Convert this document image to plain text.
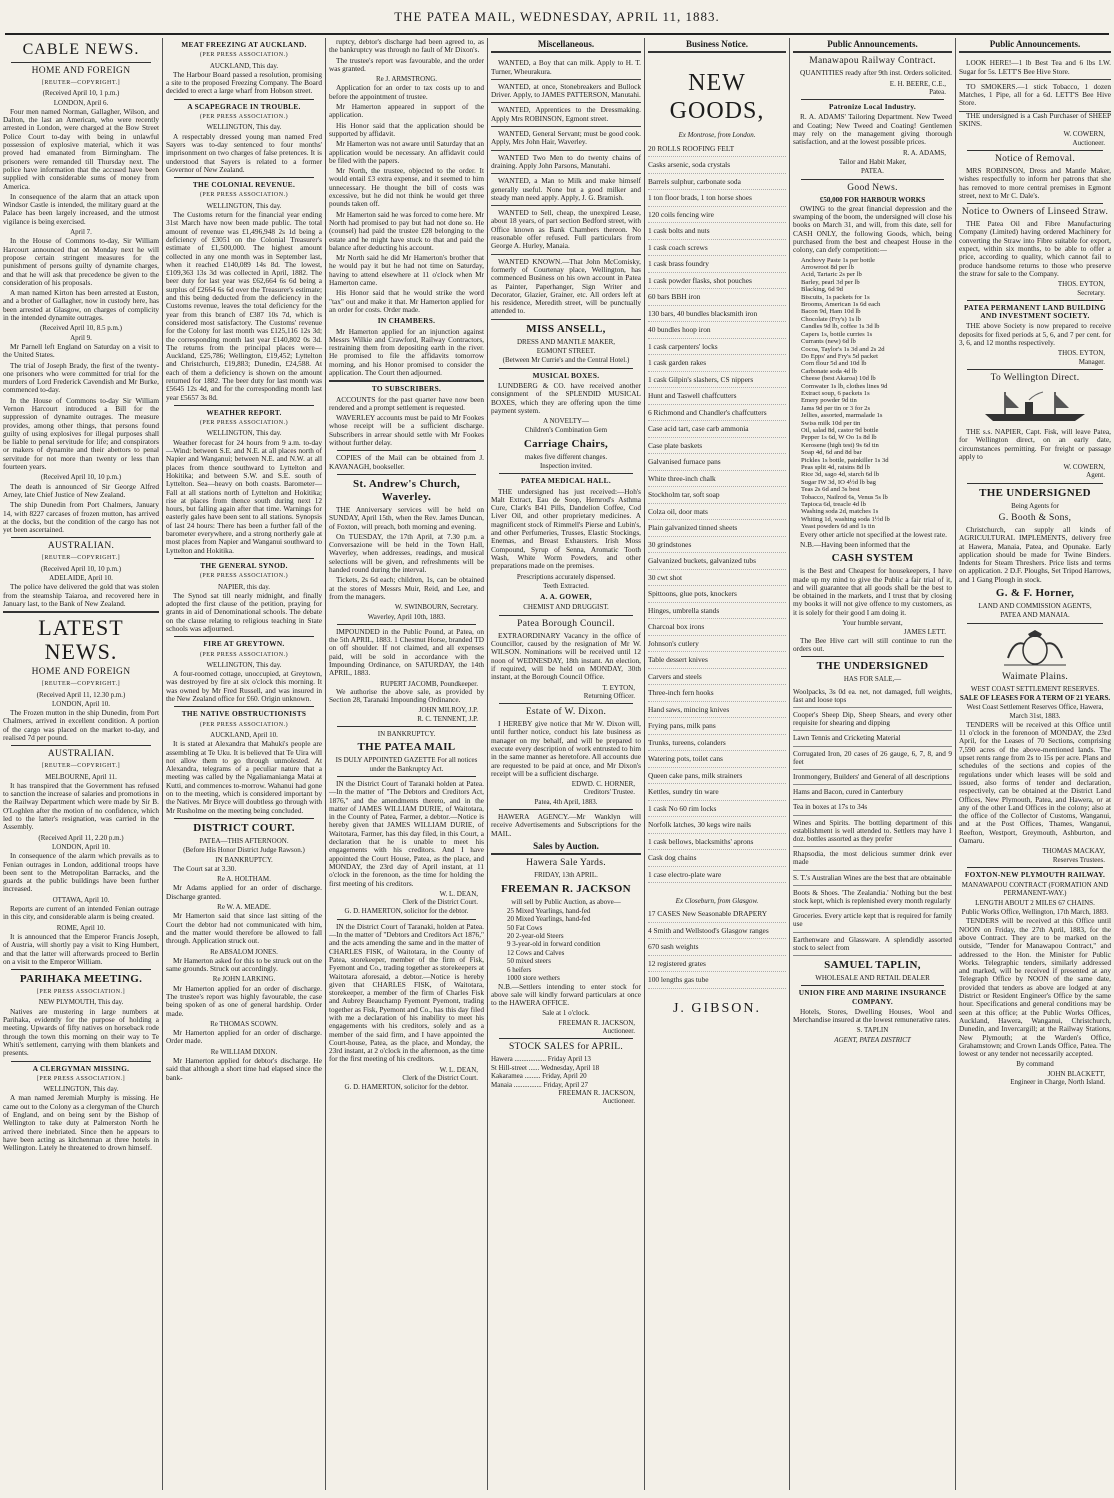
THE PATEA MAIL, WEDNESDAY, APRIL 11, 1883.
CABLE NEWS.
HOME AND FOREIGN
[REUTER—COPYRIGHT.]
(Received April 10, 1 p.m.)
LONDON, April 6.

Four men named Norman, Gallagher, Wilson, and Dalton, the last an American, who were recently arrested in London, were charged at the Bow Street Police Court to-day with being in unlawful possession of explosive material, which it was proved had emanated from Birmingham. The prisoners were remanded till Thursday next. The police have information that the accused have been supplied with considerable sums of money from America.

In consequence of the alarm that an attack upon Windsor Castle is intended, the military guard at the Palace has been largely increased, and the utmost vigilance is being exercised.

April 7.

In the House of Commons to-day, Sir William Harcourt announced that on Monday next he will propose certain stringent measures for the punishment of persons guilty of dynamite charges, and that he will ask that precedence be given to the consideration of his proposals.

A man named Kirton has been arrested at Euston, and a brother of Gallagher, now in custody here, has been arrested at Glasgow, on charges of complicity in the intended dynamite outrages.

(Received April 10, 8.5 p.m.)
April 9.

Mr Parnell left England on Saturday on a visit to the United States.

The trial of Joseph Brady, the first of the twenty-one prisoners who were committed for trial for the murders of Lord Frederick Cavendish and Mr Burke, commenced to-day.

In the House of Commons to-day Sir William Vernon Harcourt introduced a Bill for the suppression of dynamite outrages. The measure provides, among other things, that persons found guilty of using explosives for illegal purposes shall be liable to penal servitude for life; and conspirators or makers of dynamite and their abettors to penal servitude for not more than twenty or less than fourteen years.

(Received April 10, 10 p.m.)

The death is announced of Sir George Alfred Arney, late Chief Justice of New Zealand.

The ship Dunedin from Port Chalmers, January 14, with 8227 carcases of frozen mutton, has arrived at the docks, but the condition of the cargo has not yet been ascertained.

AUSTRALIAN.
[REUTER—COPYRIGHT.]
(Received April 10, 10 p.m.)
ADELAIDE, April 10.

The police have delivered the gold that was stolen from the steamship Taiaroa, and recovered here in January last, to the Bank of New Zealand.

LATEST NEWS.
HOME AND FOREIGN
[REUTER—COPYRIGHT.]
(Received April 11, 12.30 p.m.)
LONDON, April 10.

The Frozen mutton in the ship Dunedin, from Port Chalmers, arrived in excellent condition. A portion of the cargo was placed on the market to-day, and realised 7d per pound.

AUSTRALIAN.
[REUTER—COPYRIGHT.]
MELBOURNE, April 11.

It has transpired that the Government has refused to sanction the increase of salaries and promotions in the Railway Department which were made by Sir B. O'Loghlen after the motion of no confidence, which led to the latter's resignation, was carried in the Assembly.

(Received April 11, 2.20 p.m.)
LONDON, April 10.

In consequence of the alarm which prevails as to Fenian outrages in London, additional troops have been sent to the Metropolitan Barracks, and the guards at the public buildings have been further increased.

OTTAWA, April 10.

Reports are current of an intended Fenian outrage in this city, and considerable alarm is being created.

ROME, April 10.

It is announced that the Emperor Francis Joseph, of Austria, will shortly pay a visit to King Humbert, and that the latter will afterwards proceed to Berlin on a visit to the Emperor William.

PARIHAKA MEETING.
[PER PRESS ASSOCIATION.]
NEW PLYMOUTH, This day.

Natives are mustering in large numbers at Parihaka, evidently for the purpose of holding a meeting. Upwards of fifty natives on horseback rode through the town this morning on their way to Te Whiti's settlement, carrying with them blankets and presents.

A CLERGYMAN MISSING.
[PER PRESS ASSOCIATION.]
WELLINGTON, This day.

A man named Jeremiah Murphy is missing. He came out to the Colony as a clergyman of the Church of England, and on being sent by the Bishop of Wellington to take duty at Palmerston North he arrived there inebriated. Since then he appears to have been acting as kitchenman at three hotels in Wellington. Lately he threatened to drown himself.

MEAT FREEZING AT AUCKLAND.
(PER PRESS ASSOCIATION.)
AUCKLAND, This day.

The Harbour Board passed a resolution, promising a site to the proposed Freezing Company. The Board decided to erect a large wharf from Hobson street.

A SCAPEGRACE IN TROUBLE.
(PER PRESS ASSOCIATION.)
WELLINGTON, This day.

A respectably dressed young man named Fred Sayers was to-day sentenced to four months' imprisonment on two charges of false pretences. It is understood that Sayers is related to a former Governor of New Zealand.

THE COLONIAL REVENUE.
(PER PRESS ASSOCIATION.)
WELLINGTON, This day.

The Customs return for the financial year ending 31st March have now been made public. The total amount of revenue was £1,496,948 2s 1d being a deficiency of £3051 on the Colonial Treasurer's estimate of £1,500,000. The highest amount collected in any one month was in September last, when it reached £140,089 14s 8d. The lowest, £109,363 13s 3d was collected in April, 1882. The beer duty for last year was £62,664 6s 6d being a surplus of £2664 6s 6d over the Treasurer's estimate; and this being deducted from the deficiency in the Customs revenue, leaves the total deficiency for the year from this branch of £387 10s 7d, which is considered most satisfactory. The Customs' revenue for the Colony for last month was £125,116 12s 3d; the corresponding month last year £140,802 0s 3d. The returns from the principal places were—Auckland, £25,786; Wellington, £19,452; Lyttelton and Christchurch, £19,883; Dunedin, £24,588. At each of them a deficiency is shown on the amount returned for 1882. The beer duty for last month was £5645 12s 4d, and for the corresponding month last year £5657 3s 8d.

WEATHER REPORT.
(PER PRESS ASSOCIATION.)
WELLINGTON, This day.

Weather forecast for 24 hours from 9 a.m. to-day—Wind: between S.E. and N.E. at all places north of Napier and Wanganui; between N.E. and N.W. at all places from thence southward to Lyttelton and Hokitika; and between S.W. and S.E. south of Lyttelton. Sea—heavy on both coasts. Barometer—Fall at all stations north of Lyttelton and Hokitika; rise at places from thence south during next 12 hours, but falling again after that time. Warnings for easterly gales have been sent to all stations. Synopsis of last 24 hours: There has been a further fall of the barometer everywhere, and a strong northerly gale at most places from Napier and Wanganui southward to Lyttelton and Hokitika.

THE GENERAL SYNOD.
(PER PRESS ASSOCIATION.)
NAPIER, this day.

The Synod sat till nearly midnight, and finally adopted the first clause of the petition, praying for grants in aid of Denominational schools. The debate on the clause relating to religious teaching in State schools was adjourned.

FIRE AT GREYTOWN.
(PER PRESS ASSOCIATION.)
WELLINGTON, This day.

A four-roomed cottage, unoccupied, at Greytown, was destroyed by fire at six o'clock this morning. It was owned by Mr Fred Russell, and was insured in the New Zealand office for £60. Origin unknown.

THE NATIVE OBSTRUCTIONISTS
(PER PRESS ASSOCIATION.)
AUCKLAND, April 10.

It is stated at Alexandra that Mahuki's people are assembling at Te Uku. It is believed that Te Uira will not allow them to go through unmolested. At Alexandra, telegrams of a peculiar nature that a meeting was called by the Ngaliamanianga Matai at Kutti, and commences to-morrow. Wahanui had gone on to the meeting, which is considered important by the Natives. Mr Bryce will doubtless go through with Mr Rusholme on the meeting being concluded.

DISTRICT COURT.
PATEA—THIS AFTERNOON.
(Before His Honor District Judge Rawson.)
IN BANKRUPTCY.

The Court sat at 3.30.

Re A. HOLTHAM.

Mr Adams applied for an order of discharge. Discharge granted.

Re W. A. MEADE.

Mr Hamerton said that since last sitting of the Court the debtor had not communicated with him, and the matter would therefore be allowed to fall through. Application struck out.

Re ABSALOM JONES.

Mr Hamerton asked for this to be struck out on the same grounds. Struck out accordingly.

Re JOHN LARKING.

Mr Hamerton applied for an order of discharge. The trustee's report was highly favourable, the case being spoken of as one of general hardship. Order made.

Re THOMAS SCOWN.

Mr Hamerton applied for an order of discharge. Order made.

Re WILLIAM DIXON.

Mr Hamerton applied for debtor's discharge. He said that although a short time had elapsed since the bank-

ruptcy, debtor's discharge had been agreed to, as the bankruptcy was through no fault of Mr Dixon's.

The trustee's report was favourable, and the order was granted.

Re J. ARMSTRONG.

Application for an order to tax costs up to and before the appointment of trustee.

Mr Hamerton appeared in support of the application.

His Honor said that the application should be supported by affidavit.

Mr Hamerton was not aware until Saturday that an application would be necessary. An affidavit could be filed with the papers.

Mr North, the trustee, objected to the order. It would entail £3 extra expense, and it seemed to him unnecessary. He thought the bill of costs was excessive, but he did not think he would get three pounds taken off.

Mr Hamerton said he was forced to come here. Mr North had promised to pay but had not done so. He (counsel) had paid the trustee £28 belonging to the estate and he might have stuck to that and paid the balance after deducting his account.

Mr North said he did Mr Hamerton's brother that he would pay it but he had not time on Saturday, having to attend elsewhere at 11 o'clock when Mr Hamerton came.

His Honor said that he would strike the word "tax" out and make it that. Mr Hamerton applied for an order for costs. Order made.

IN CHAMBERS.

Mr Hamerton applied for an injunction against Messrs Wilkie and Crawford, Railway Contractors, restraining them from depositing earth in the river. He promised to file the affidavits tomorrow morning, and his Honor promised to consider the application. The Court then adjourned.

TO SUBSCRIBERS.

ACCOUNTS for the past quarter have now been rendered and a prompt settlement is requested.

WAVERLEY accounts must be paid to Mr Fookes whose receipt will be a sufficient discharge. Subscribers in arrear should settle with Mr Fookes without further delay.

COPIES of the Mail can be obtained from J. KAVANAGH, bookseller.

St. Andrew's Church, Waverley.

THE Anniversary services will be held on SUNDAY, April 15th, when the Rev. James Duncan, of Foxton, will preach, both morning and evening.

On TUESDAY, the 17th April, at 7.30 p.m. a Conversazione will be held in the Town Hall, Waverley, when addresses, readings, and musical selections will be given, and refreshments will be handed round during the interval.

Tickets, 2s 6d each; children, 1s, can be obtained at the stores of Messrs Muir, Reid, and Lee, and from the managers.

W. SWINBOURN, Secretary.
Waverley, April 10th, 1883.

IMPOUNDED in the Public Pound, at Patea, on the 5th APRIL, 1883. 1 Chestnut Horse, branded TD on off shoulder. If not claimed, and all expenses paid, will be sold in accordance with the Impounding Ordinance, on SATURDAY, the 14th APRIL, 1883.

RUPERT JACOMB, Poundkeeper.

We authorise the above sale, as provided by Section 28, Taranaki Impounding Ordinance.

JOHN MILROY, J.P.
R. C. TENNENT, J.P.
IN BANKRUPTCY.
THE PATEA MAIL
IS DULY APPOINTED GAZETTE For all notices under the Bankruptcy Act.

IN the District Court of Taranaki holden at Patea.—In the matter of "The Debtors and Creditors Act, 1876," and the amendments thereto, and in the matter of JAMES WILLIAM DURIE, of Waitotara, in the County of Patea, Farmer, a debtor.—Notice is hereby given that JAMES WILLIAM DURIE, of Waitotara, Farmer, has this day filed, in this Court, a declaration that he is unable to meet his engagements with his creditors. And I have appointed the Court House, Patea, as the place, and MONDAY, the 23rd day of April instant, at 11 o'clock in the forenoon, as the time for holding the first meeting of his creditors.

W. L. DEAN,
Clerk of the District Court.
G. D. HAMERTON, solicitor for the debtor.

IN the District Court of Taranaki, holden at Patea.—In the matter of "Debtors and Creditors Act 1876," and the acts amending the same and in the matter of CHARLES FISK, of Waitotara, in the County of Patea, storekeeper, member of the firm of Fisk, Fyemont and Co., trading together as storekeepers at Waitotara aforesaid, a debtor.—Notice is hereby given that CHARLES FISK, of Waitotara, storekeeper, a member of the firm of Charles Fisk and Aubrey Beauchamp Fyemont Pyemont, trading together as Fisk, Pyemont and Co., has this day filed with me a declaration of his inability to meet his engagements with his creditors, solely and as a member of the said firm, and I have appointed the Court-house, Patea, as the place, and Monday, the 23rd instant, at 2 o'clock in the afternoon, as the time for the first meeting of his creditors.

W. L. DEAN,
Clerk of the District Court.
G. D. HAMERTON, solicitor for the debtor.
Miscellaneous.

WANTED, a Boy that can milk. Apply to H. T. Turner, Wheurakura.

WANTED, at once, Stonebreakers and Bullock Driver. Apply, to JAMES PATTERSON, Manutahi.

WANTED, Apprentices to the Dressmaking. Apply Mrs ROBINSON, Egmont street.

WANTED, General Servant; must be good cook. Apply, Mrs John Hair, Waverley.

WANTED Two Men to do twenty chains of draining. Apply John Parsons, Manutahi.

WANTED, a Man to Milk and make himself generally useful. None but a good milker and steady man need apply. Apply, J. G. Bramish.

WANTED to Sell, cheap, the unexpired Lease, about 18 years, of part section Bedford street, with Office known as Bank Chambers thereon. No reasonable offer refused. Full particulars from George A. Hurley, Manaia.

WANTED KNOWN.—That John McComisky, formerly of Courtenay place, Wellington, has commenced Business on his own account in Patea as Painter, Paperhanger, Sign Writer and Decorator, Glazier, Grainer, etc. All orders left at his residence, Meredith street, will be punctually attended to.

MISS ANSELL,
DRESS AND MANTLE MAKER,
EGMONT STREET.
(Between Mr Currie's and the Central Hotel.)
MUSICAL BOXES.

LUNDBERG & CO. have received another consignment of the SPLENDID MUSICAL BOXES, which they are offering upon the time payment system.

A NOVELTY—
Children's Combination Gem
Carriage Chairs,
makes five different changes.
Inspection invited.
PATEA MEDICAL HALL.

THE undersigned has just received:—Hoh's Malt Extract, Eau de Soop, Hemrod's Asthma Cure, Clark's B41 Pills, Dandelion Coffee, Cod Liver Oil, and other proprietary medicines. A magnificent stock of Rimmell's Pierse and Lubin's, and other Perfumeries, Trusses, Elastic Stockings, Enemas, and Breast Exhausters. Irish Moss Compound, Syrup of Senna, Aromatic Tooth Wash, White Worm Powders, and other preparations made on the premises.

Prescriptions accurately dispensed.
Teeth Extracted.
A. A. GOWER,
CHEMIST AND DRUGGIST.
Patea Borough Council.

EXTRAORDINARY Vacancy in the office of Councillor, caused by the resignation of Mr W. WILSON. Nominations will be received until 12 noon of WEDNESDAY, 18th instant. An election, if required, will be held on MONDAY, 30th instant, at the Borough Council Office.

T. EYTON,
Returning Officer.
Estate of W. Dixon.

I HEREBY give notice that Mr W. Dixon will, until further notice, conduct his late business as manager on my behalf, and will be prepared to execute every description of work entrusted to him in the same manner as heretofore. All accounts due are requested to be paid at once, and Mr Dixon's receipt will be a sufficient discharge.

EDWD. C. HORNER,
Creditors' Trustee.
Patea, 4th April, 1883.

HAWERA AGENCY.—Mr Wanklyn will receive Advertisements and Subscriptions for the MAIL.

Sales by Auction.
Hawera Sale Yards.
FRIDAY, 13th APRIL.
FREEMAN R. JACKSON
will sell by Public Auction, as above—
25 Mixed Yearlings, hand-fed
20 Mixed Yearlings, hand-fed
50 Fat Cows
20 2-year-old Steers
9 3-year-old in forward condition
12 Cows and Calves
50 mixed steers
6 heifers
1000 store wethers

N.B.—Settlers intending to enter stock for above sale will kindly forward particulars at once to the HAWERA OFFICE.

Sale at 1 o'clock.
FREEMAN R. JACKSON,
Auctioneer.
STOCK SALES for APRIL.
Hawera .................. Friday April 13
St Hill-street ...... Wednesday, April 18
Kakaramea ......... Friday, April 20
Manaia ................ Friday, April 27
FREEMAN R. JACKSON,
Auctioneer.
Business Notice.
NEW GOODS,
Ex Montrose, from London.
20 ROLLS ROOFING FELT
Casks arsenic, soda crystals
Barrels sulphur, carbonate soda
1 ton floor brads, 1 ton horse shoes
120 coils fencing wire
1 cask bolts and nuts
1 cask coach screws
1 cask brass foundry
1 cask powder flasks, shot pouches
60 bars BBH iron
130 bars, 40 bundles blacksmith iron
40 bundles hoop iron
1 cask carpenters' locks
1 cask garden rakes
1 cask Gilpin's slashers, CS nippers
Hunt and Taswell chaffcutters
6 Richmond and Chandler's chaffcutters
Case acid tart, case carb ammonia
Case plate baskets
Galvanised furnace pans
White three-inch chalk
Stockholm tar, soft soap
Colza oil, door mats
Plain galvanized tinned sheets
30 grindstones
Galvanized buckets, galvanized tubs
30 cwt shot
Spittoons, glue pots, knockers
Hinges, umbrella stands
Charcoal box irons
Johnson's cutlery
Table dessert knives
Carvers and steels
Three-inch fern hooks
Hand saws, mincing knives
Frying pans, milk pans
Trunks, tureens, colanders
Watering pots, toilet cans
Queen cake pans, milk strainers
Kettles, sundry tin ware
1 cask No 60 rim locks
Norfolk latches, 30 kegs wire nails
1 cask bellows, blacksmiths' aprons
Cask dog chains
1 case electro-plate ware
Ex Closeburn, from Glasgow.
17 CASES New Seasonable DRAPERY
4 Smith and Wellstood's Glasgow ranges
670 sash weights
12 registered grates
100 lengths gas tube
J. GIBSON.
Public Announcements.
Manawapou Railway Contract.

QUANTITIES ready after 9th inst. Orders solicited.

E. H. BEERE, C.E.,
Patea.
Patronize Local Industry.

R. A. ADAMS' Tailoring Department. New Tweed and Coating; New Tweed and Coating! Gentlemen may rely on the management giving thorough satisfaction, and at the lowest possible prices.

R. A. ADAMS,
Tailor and Habit Maker,
PATEA.
Good News.
£50,000 FOR HARBOUR WORKS

OWING to the great financial depression and the swamping of the boom, the undersigned will close his books on March 31, and will, from this date, sell for CASH ONLY, the following Goods, which, being purchased from the best and cheapest House in the colony, can defy competition:—

Anchovy Paste 1s per bottle
Arrowroot 8d per lb
Acid, Tartaric 2s per lb
Barley, pearl 3d per lb
Blacking, 6d 9d
Biscuits, 1s packets for 1s
Brooms, American 1s 6d each
Bacon 9d, Ham 10d lb
Chocolate (Fry's) 1s lb
Candles 9d lb, coffee 1s 3d lb
Capers 1s, bottle curries 1s
Currants (new) 6d lb
Cocoa, Taylor's 1s 3d and 2s 2d
Do Epps' and Fry's 5d packet
Corn flour 5d and 10d lb
Carbonate soda 4d lb
Cheese (best Akaroa) 10d lb
Cornwater 1s lb, clothes lines 9d
Extract soup, 6 packets 1s
Emery powder 9d tin
Jams 9d per tin or 3 for 2s
Jellies, assorted, marmalade 1s
Swiss milk 10d per tin
Oil, salad 8d, castor 9d bottle
Pepper 1s 6d, W Oo 1s 8d lb
Kerosene (high test) 9s 6d tin
Soap 4d, 6d and 8d bar
Pickles 1s bottle, painkiller 1s 3d
Peas split 4d, raisins 8d lb
Rice 3d, sago 4d, starch 6d lb
Sugar IW 3d, IO 4½d lb bag
Teas 2s 6d and 3s best
Tobacco, Nailrod 6s, Venus 5s lb
Tapioca 6d, treacle 4d lb
Washing soda 2d, matches 1s
Whiting 1d, washing soda 1½d lb
Yeast powders 6d and 1s tin

Every other article not specified at the lowest rate.

N.B.—Having been informed that the

CASH SYSTEM

is the Best and Cheapest for housekeepers, I have made up my mind to give the Public a fair trial of it, and will guarantee that all goods shall be the best to be obtained in the markets, and I trust that by closing my books it will not give offence to my customers, as it is solely for their good I am doing it.

Your humble servant,
JAMES LETT.

The Bee Hive cart will still continue to run the orders out.

THE UNDERSIGNED
HAS FOR SALE,—
Woolpacks, 3s 0d ea. net, not damaged, full weights, fast and loose tops
Cooper's Sheep Dip, Sheep Shears, and every other requisite for shearing and dipping
Lawn Tennis and Cricketing Material
Corrugated Iron, 20 cases of 26 gauge, 6, 7, 8, and 9 feet
Ironmongery, Builders' and General of all descriptions
Hams and Bacon, cured in Canterbury
Tea in boxes at 17s to 34s
Wines and Spirits. The bottling department of this establishment is well attended to. Settlers may have 1 doz. bottles assorted as they prefer
Rhapsodia, the most delicious summer drink ever made
S. T.'s Australian Wines are the best that are obtainable
Boots & Shoes. 'The Zealandia.' Nothing but the best stock kept, which is replenished every month regularly
Groceries. Every article kept that is required for family use
Earthenware and Glassware. A splendidly assorted stock to select from
SAMUEL TAPLIN,
WHOLESALE AND RETAIL DEALER
UNION FIRE AND MARINE INSURANCE COMPANY.

Hotels, Stores, Dwelling Houses, Wool and Merchandise insured at the lowest remunerative rates.

S. TAPLIN
AGENT, PATEA DISTRICT
Public Announcements.

LOOK HERE!—1 lb Best Tea and 6 lbs I.W. Sugar for 5s. LETT'S Bee Hive Store.

TO SMOKERS.—1 stick Tobacco, 1 dozen Matches, 1 Pipe, all for a 6d. LETT'S Bee Hive Store.

THE undersigned is a Cash Purchaser of SHEEP SKINS.

W. COWERN,
Auctioneer.
Notice of Removal.

MRS ROBINSON, Dress and Mantle Maker, wishes respectfully to inform her patrons that she has removed to more central premises in Egmont street, next to Mr C. Dale's.

Notice to Owners of Linseed Straw.

THE Patea Oil and Fibre Manufacturing Company (Limited) having ordered Machinery for converting the Straw into Fibre suitable for export, expect, within six months, to be able to offer a price, according to quality, which cannot fail to produce handsome returns to those who preserve the straw for sale to the Company.

THOS. EYTON,
Secretary.
PATEA PERMANENT LAND BUILDING AND INVESTMENT SOCIETY.

THE above Society is now prepared to receive deposits for fixed periods at 5, 6, and 7 per cent. for 3, 6, and 12 months respectively.

THOS. EYTON,
Manager.
To Wellington Direct.

THE s.s. NAPIER, Capt. Fisk, will leave Patea, for Wellington direct, on an early date, circumstances permitting. For freight or passage apply to

W. COWERN,
Agent.
THE UNDERSIGNED
Being Agents for
G. Booth & Sons,

Christchurch, can supply all kinds of AGRICULTURAL IMPLEMENTS, delivery free at Hawera, Manaia, Patea, and Opunake. Early application should be made for Twine Binders. Indents for Steam Threshers. Price lists and terms on application. 2 D.F. Ploughs, Set Tripod Harrows, and 1 Gang Plough in stock.

G. & F. Horner,
LAND AND COMMISSION AGENTS,
PATEA AND MANAIA.
Waimate Plains.
WEST COAST SETTLEMENT RESERVES.
SALE OF LEASES FOR A TERM OF 21 YEARS.
West Coast Settlement Reserves Office, Hawera, March 31st, 1883.

TENDERS will be received at this Office until 11 o'clock in the forenoon of MONDAY, the 23rd April, for the Leases of 70 Sections, comprising 7,590 acres of the above-mentioned lands. The upset rents range from 2s to 15s per acre. Plans and schedules of the sections and copies of the regulations under which leases will be sold and issued, also forms of tender and declaration, respectively, can be obtained at the District Land Offices, New Plymouth, Patea, and Hawera, or at any of the other Land Offices in the colony; also at the office of the Collector of Customs, Wanganui, and at the Post Offices, Thames, Wanganui, Reefton, Westport, Greymouth, Ashburton, and Oamaru.

THOMAS MACKAY,
Reserves Trustees.
FOXTON-NEW PLYMOUTH RAILWAY.
MANAWAPOU CONTRACT (FORMATION AND PERMANENT-WAY.)
LENGTH ABOUT 2 MILES 67 CHAINS.
Public Works Office, Wellington, 17th March, 1883.

TENDERS will be received at this Office until NOON on Friday, the 27th April, 1883, for the above Contract. They are to be marked on the outside, "Tender for Manawapou Contract," and addressed to the Hon. the Minister for Public Works. Telegraphic tenders, similarly addressed and marked, will be received if presented at any Telegraph Office by NOON of the same date, provided that tenders as above are lodged at any District or Resident Engineer's Office by the same hour. Specifications and general conditions may be seen at this office; at the Public Works Offices, Auckland, Hawera, Wanganui, Christchurch, Dunedin, and Invercargill; at the Railway Stations, New Plymouth; at the Warden's Office, Grahamstown; and Crown Lands Office, Patea. The lowest or any tender not necessarily accepted.

By command
JOHN BLACKETT,
Engineer in Charge, North Island.
